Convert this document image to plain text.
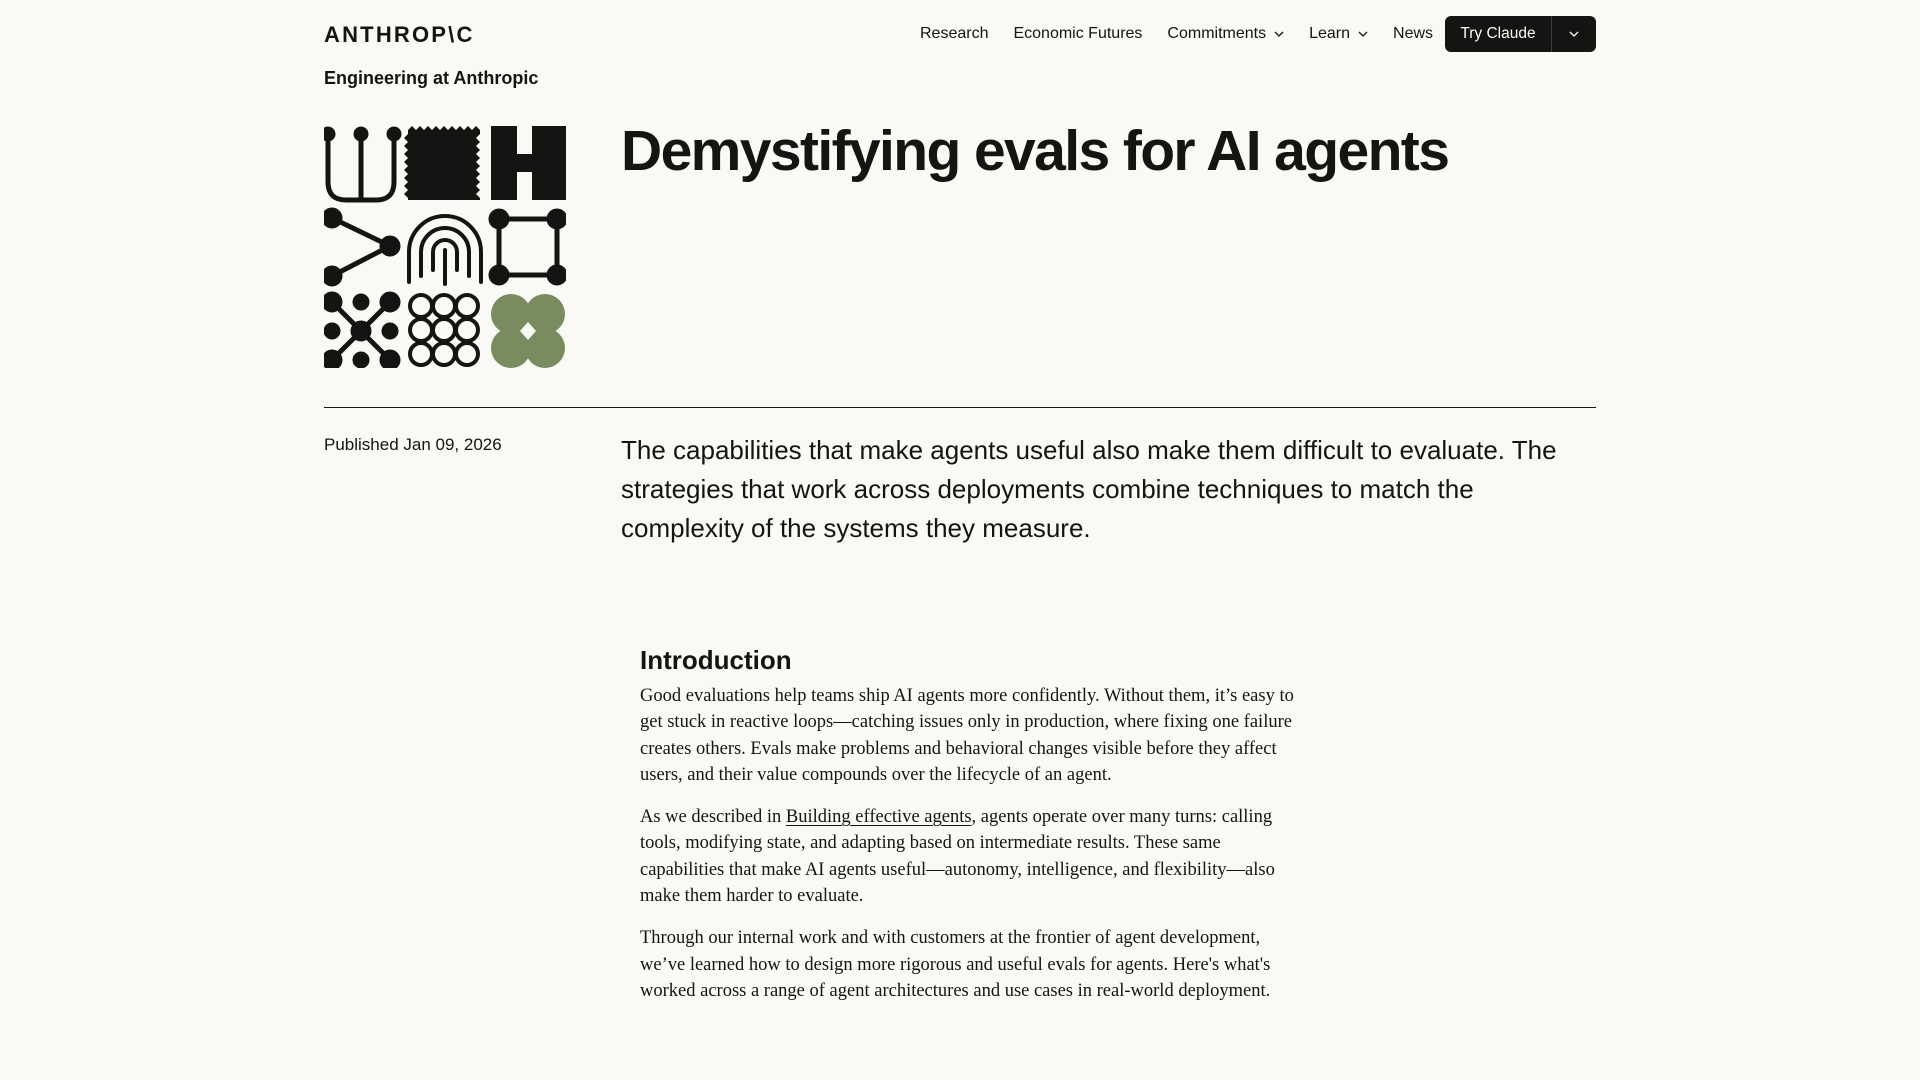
ANTHROP\C	Research Economic Futures Commitments	Learn	News	Try Claude
Engineering at Anthropic
Demystifying evals for AI agents
Published Jan 09, 2026	The capabilities that make agents useful also make them difficult to evaluate. The strategies that work across deployments combine techniques to match the complexity of the systems they measure.

Introduction

Good evaluations help teams ship AI agents more confidently. Without them, it’s easy to get stuck in reactive loops—catching issues only in production, where fixing one failure creates others. Evals make problems and behavioral changes visible before they affect users, and their value compounds over the lifecycle of an agent.

As we described in Building effective agents, agents operate over many turns: calling tools, modifying state, and adapting based on intermediate results. These same capabilities that make AI agents useful—autonomy, intelligence, and flexibility—also make them harder to evaluate.

Through our internal work and with customers at the frontier of agent development, we’ve learned how to design more rigorous and useful evals for agents. Here's what's worked across a range of agent architectures and use cases in real-world deployment.
